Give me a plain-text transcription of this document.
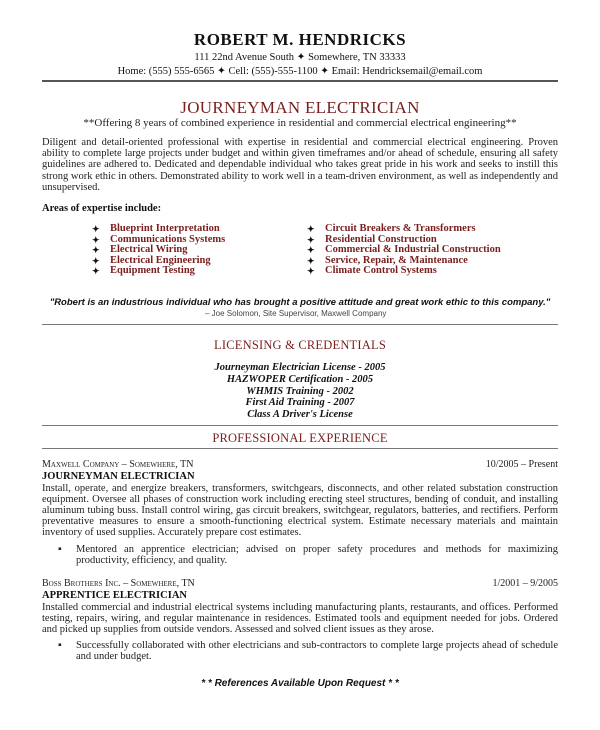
ROBERT M. HENDRICKS
111 22nd Avenue South ✦ Somewhere, TN 33333
Home: (555) 555-6565 ✦ Cell: (555)-555-1100 ✦ Email: Hendricksemail@email.com
JOURNEYMAN ELECTRICIAN
**Offering 8 years of combined experience in residential and commercial electrical engineering**
Diligent and detail-oriented professional with expertise in residential and commercial electrical engineering. Proven ability to complete large projects under budget and within given timeframes and/or ahead of schedule, ensuring all safety guidelines are adhered to. Dedicated and dependable individual who takes great pride in his work and seeks to instill this strong work ethic in others. Demonstrated ability to work well in a team-driven environment, as well as independently and unsupervised.
Areas of expertise include:
✦ Blueprint Interpretation
✦ Communications Systems
✦ Electrical Wiring
✦ Electrical Engineering
✦ Equipment Testing
✦ Circuit Breakers & Transformers
✦ Residential Construction
✦ Commercial & Industrial Construction
✦ Service, Repair, & Maintenance
✦ Climate Control Systems
"Robert is an industrious individual who has brought a positive attitude and great work ethic to this company."
– Joe Solomon, Site Supervisor, Maxwell Company
LICENSING & CREDENTIALS
Journeyman Electrician License - 2005
HAZWOPER Certification - 2005
WHMIS Training - 2002
First Aid Training - 2007
Class A Driver's License
PROFESSIONAL EXPERIENCE
Maxwell Company – Somewhere, TN	10/2005 – Present
JOURNEYMAN ELECTRICIAN
Install, operate, and energize breakers, transformers, switchgears, disconnects, and other related substation construction equipment. Oversee all phases of construction work including erecting steel structures, bending of conduit, and installing aluminum tubing buss. Install control wiring, gas circuit breakers, switchgear, regulators, batteries, and rectifiers. Perform preventative measures to ensure a smooth-functioning electrical system. Estimate necessary materials and maintain inventory of used supplies. Accurately prepare cost estimates.
▪	Mentored an apprentice electrician; advised on proper safety procedures and methods for maximizing productivity, efficiency, and quality.
Boss Brothers Inc. – Somewhere, TN	1/2001 – 9/2005
APPRENTICE ELECTRICIAN
Installed commercial and industrial electrical systems including manufacturing plants, restaurants, and offices. Performed testing, repairs, wiring, and regular maintenance in residences. Estimated tools and equipment needed for jobs. Ordered and picked up supplies from outside vendors. Assessed and solved client issues as they arose.
▪	Successfully collaborated with other electricians and sub-contractors to complete large projects ahead of schedule and under budget.
* * References Available Upon Request * *
